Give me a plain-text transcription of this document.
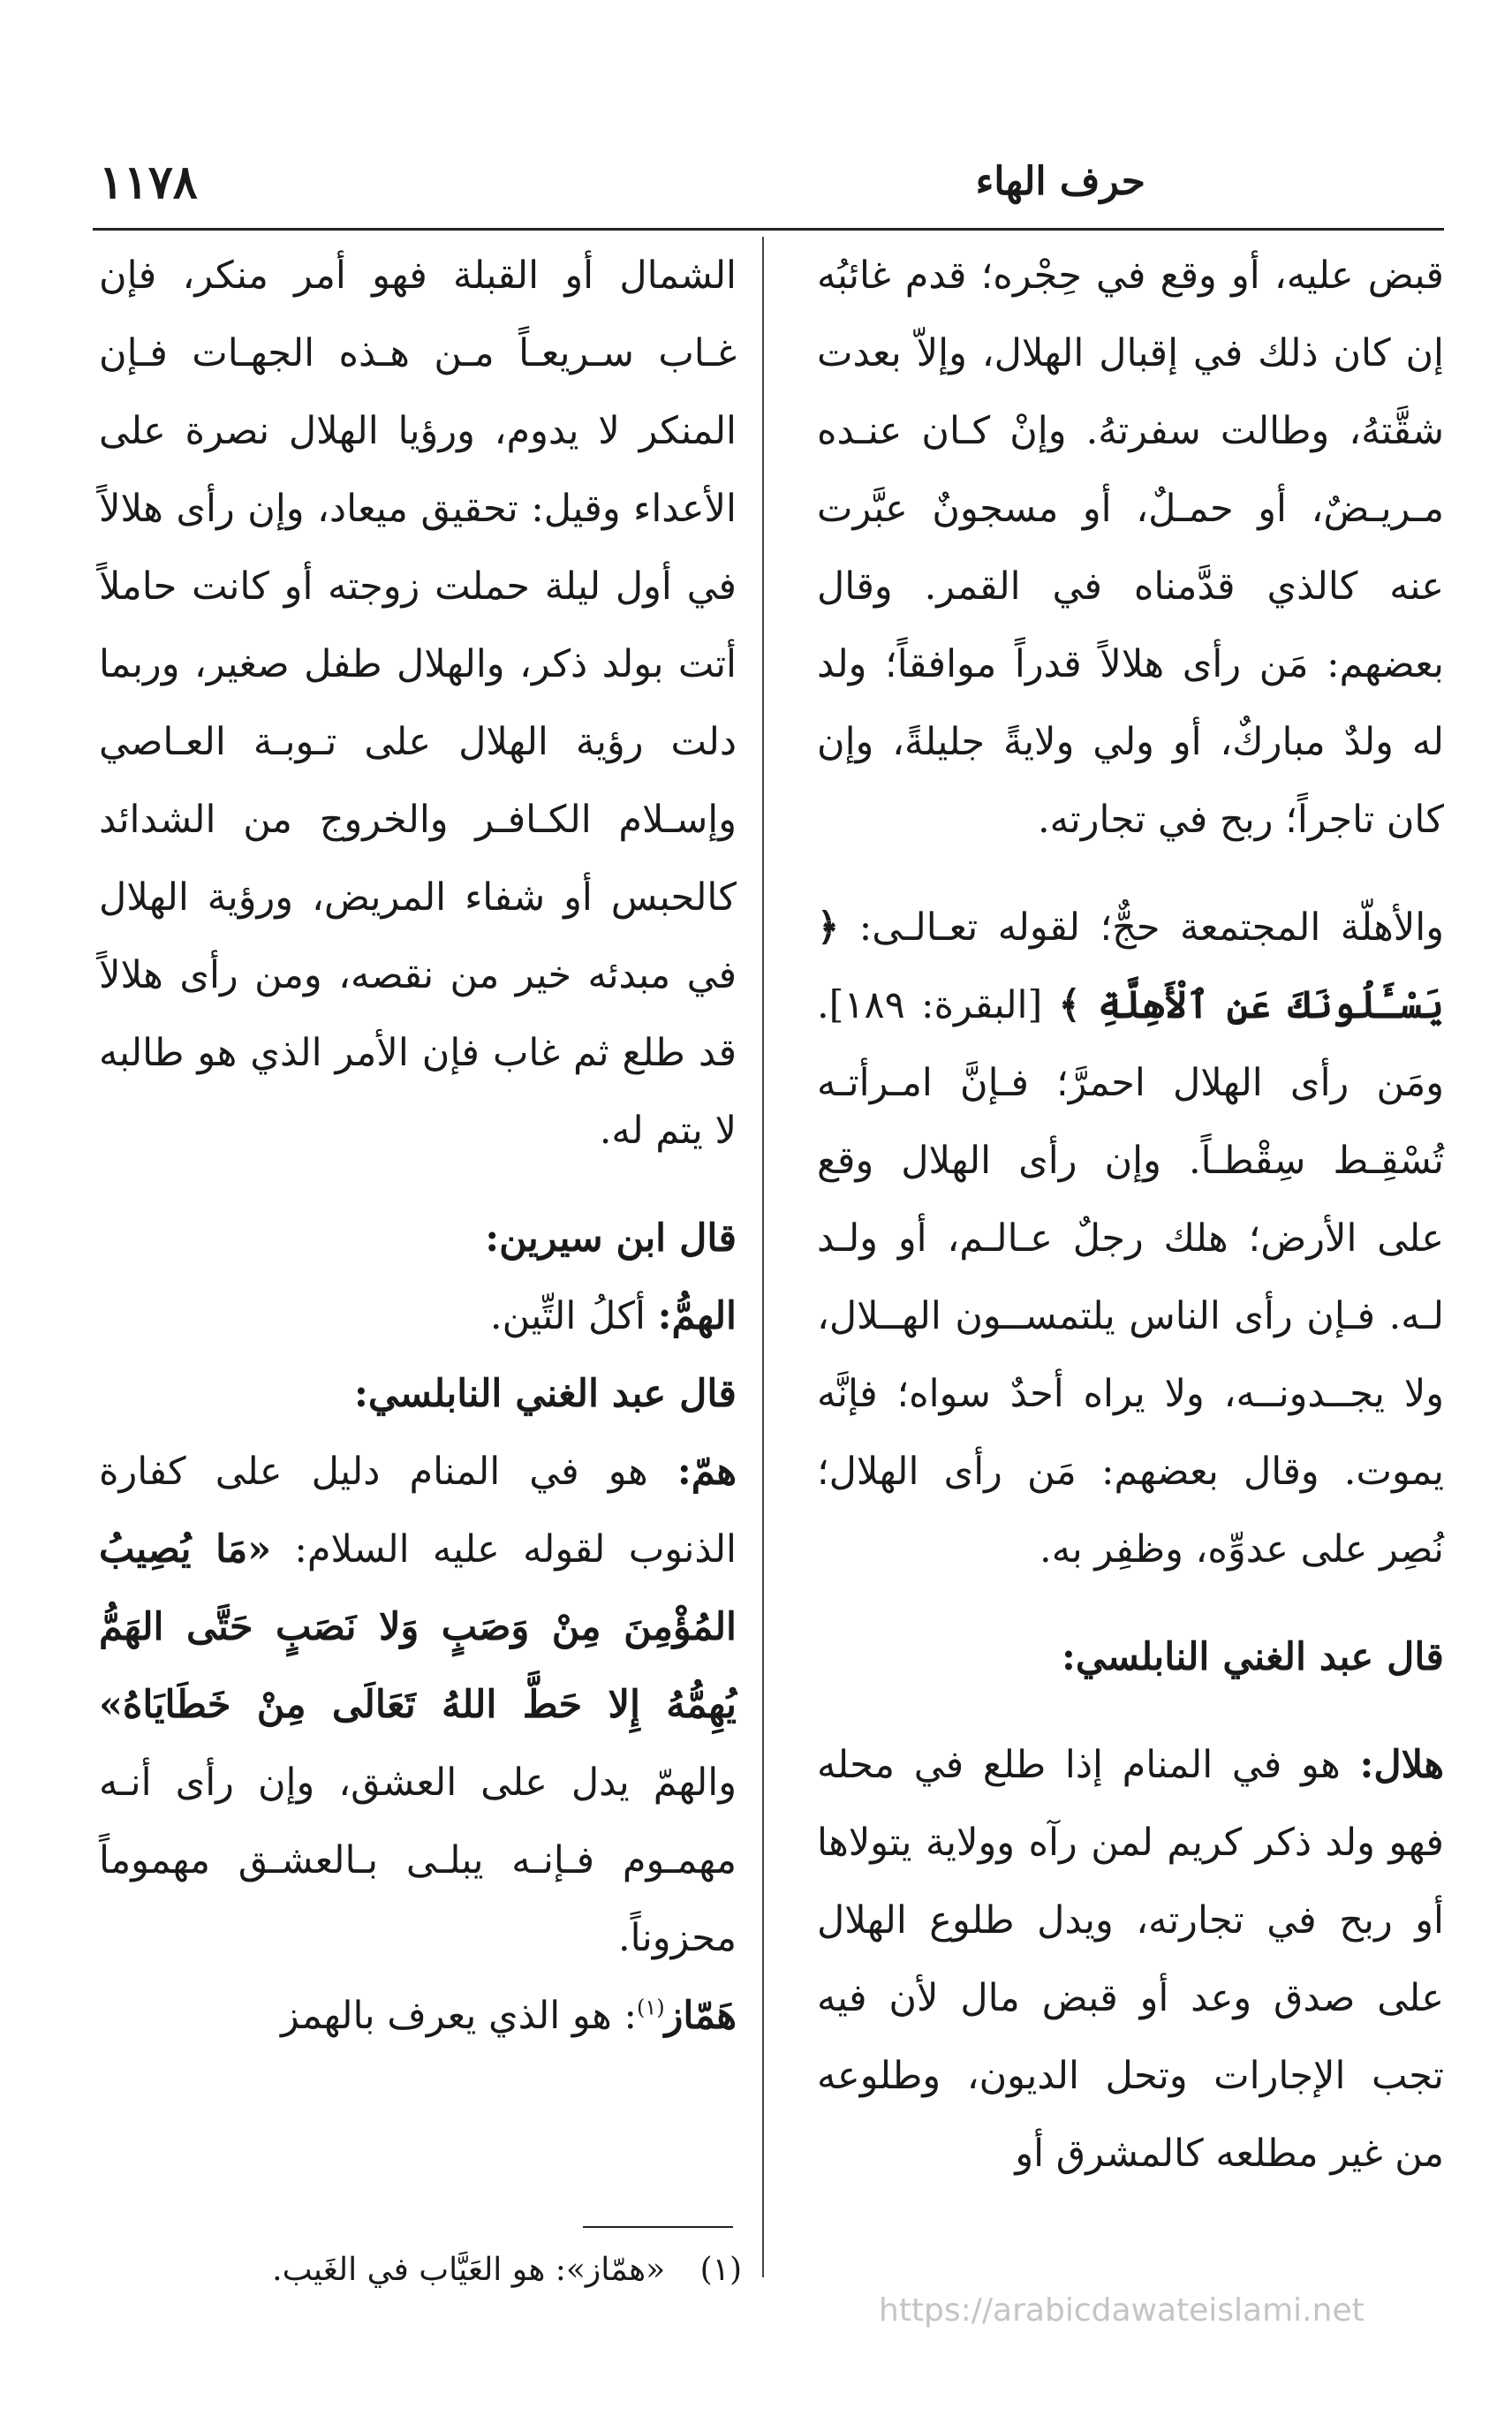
١١٧٨	حرف الهاء

قبض عليه، أو وقع في حِجْره؛ قدم غائبُه إن كان ذلك في إقبال الهلال، وإلاّ بعدت شقَّتهُ، وطالت سفرتهُ. وإنْ كـان عنـده مـريـضٌ، أو حمـلٌ، أو مسجونٌ عبَّرت عنه كالذي قدَّمناه في القمر. وقال بعضهم: مَن رأى هلالاً قدراً موافقاً؛ ولد له ولدٌ مباركٌ، أو ولي ولايةً جليلةً، وإن كان تاجراً؛ ربح في تجارته.

والأهلّة المجتمعة حجٌّ؛ لقوله تعـالـى: ﴿ يَسْـَٔلُونَكَ عَنِ ٱلْأَهِلَّةِ ﴾ [البقرة: ١٨٩]. ومَن رأى الهلال احمرَّ؛ فـإنَّ امـرأتـه تُسْقِـط سِقْطـاً. وإن رأى الهلال وقع على الأرض؛ هلك رجلٌ عـالـم، أو ولـد لـه. فـإن رأى الناس يلتمســون الهــلال، ولا يجــدونــه، ولا يراه أحدٌ سواه؛ فإنَّه يموت. وقال بعضهم: مَن رأى الهلال؛ نُصِر على عدوِّه، وظفِر به.

قال عبد الغني النابلسي:

هلال: هو في المنام إذا طلع في محله فهو ولد ذكر كريم لمن رآه وولاية يتولاها أو ربح في تجارته، ويدل طلوع الهلال على صدق وعد أو قبض مال لأن فيه تجب الإجارات وتحل الديون، وطلوعه من غير مطلعه كالمشرق أو

الشمال أو القبلة فهو أمر منكر، فإن غـاب سـريعـاً مـن هـذه الجهـات فـإن المنكر لا يدوم، ورؤيا الهلال نصرة على الأعداء وقيل: تحقيق ميعاد، وإن رأى هلالاً في أول ليلة حملت زوجته أو كانت حاملاً أتت بولد ذكر، والهلال طفل صغير، وربما دلت رؤية الهلال على تـوبـة العـاصي وإسـلام الكـافـر والخروج من الشدائد كالحبس أو شفاء المريض، ورؤية الهلال في مبدئه خير من نقصه، ومن رأى هلالاً قد طلع ثم غاب فإن الأمر الذي هو طالبه لا يتم له.

قال ابن سيرين:

الهمُّ: أكلُ التِّين.

قال عبد الغني النابلسي:

همّ: هو في المنام دليل على كفارة الذنوب لقوله عليه السلام: «مَا يُصِيبُ المُؤْمِنَ مِنْ وَصَبٍ وَلا نَصَبٍ حَتَّى الهَمُّ يُهِمُّهُ إِلا حَطَّ اللهُ تَعَالَى مِنْ خَطَايَاهُ» والهمّ يدل على العشق، وإن رأى أنـه مهمـوم فـإنـه يبلـى بـالعشـق مهموماً محزوناً.

هَمّاز$^{(١)}$: هو الذي يعرف بالهمز

(١) «همّاز»: هو العَيَّاب في الغَيب.
https://arabicdawateislami.net
